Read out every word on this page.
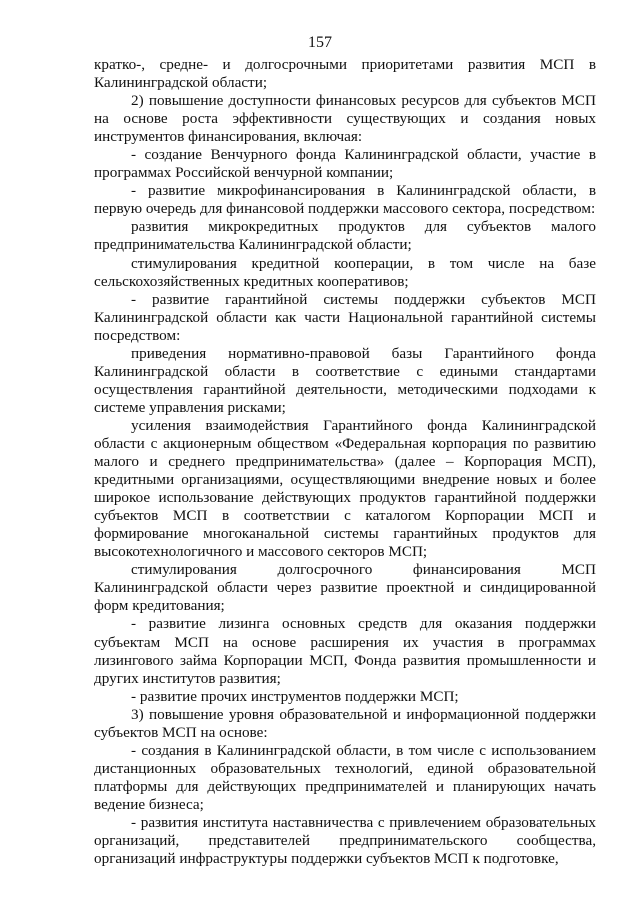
157

кратко-, средне- и долгосрочными приоритетами развития МСП в Калининградской области;

2) повышение доступности финансовых ресурсов для субъектов МСП на основе роста эффективности существующих и создания новых инструментов финансирования, включая:

- создание Венчурного фонда Калининградской области, участие в программах Российской венчурной компании;

- развитие микрофинансирования в Калининградской области, в первую очередь для финансовой поддержки массового сектора, посредством:

развития микрокредитных продуктов для субъектов малого предпринимательства Калининградской области;

стимулирования кредитной кооперации, в том числе на базе сельскохозяйственных кредитных кооперативов;

- развитие гарантийной системы поддержки субъектов МСП Калининградской области как части Национальной гарантийной системы посредством:

приведения нормативно-правовой базы Гарантийного фонда Калининградской области в соответствие с едиными стандартами осуществления гарантийной деятельности, методическими подходами к системе управления рисками;

усиления взаимодействия Гарантийного фонда Калининградской области с акционерным обществом «Федеральная корпорация по развитию малого и среднего предпринимательства» (далее – Корпорация МСП), кредитными организациями, осуществляющими внедрение новых и более широкое использование действующих продуктов гарантийной поддержки субъектов МСП в соответствии с каталогом Корпорации МСП и формирование многоканальной системы гарантийных продуктов для высокотехнологичного и массового секторов МСП;

стимулирования долгосрочного финансирования МСП Калининградской области через развитие проектной и синдицированной форм кредитования;

- развитие лизинга основных средств для оказания поддержки субъектам МСП на основе расширения их участия в программах лизингового займа Корпорации МСП, Фонда развития промышленности и других институтов развития;

- развитие прочих инструментов поддержки МСП;

3) повышение уровня образовательной и информационной поддержки субъектов МСП на основе:

- создания в Калининградской области, в том числе с использованием дистанционных образовательных технологий, единой образовательной платформы для действующих предпринимателей и планирующих начать ведение бизнеса;

- развития института наставничества с привлечением образовательных организаций, представителей предпринимательского сообщества, организаций инфраструктуры поддержки субъектов МСП к подготовке,
